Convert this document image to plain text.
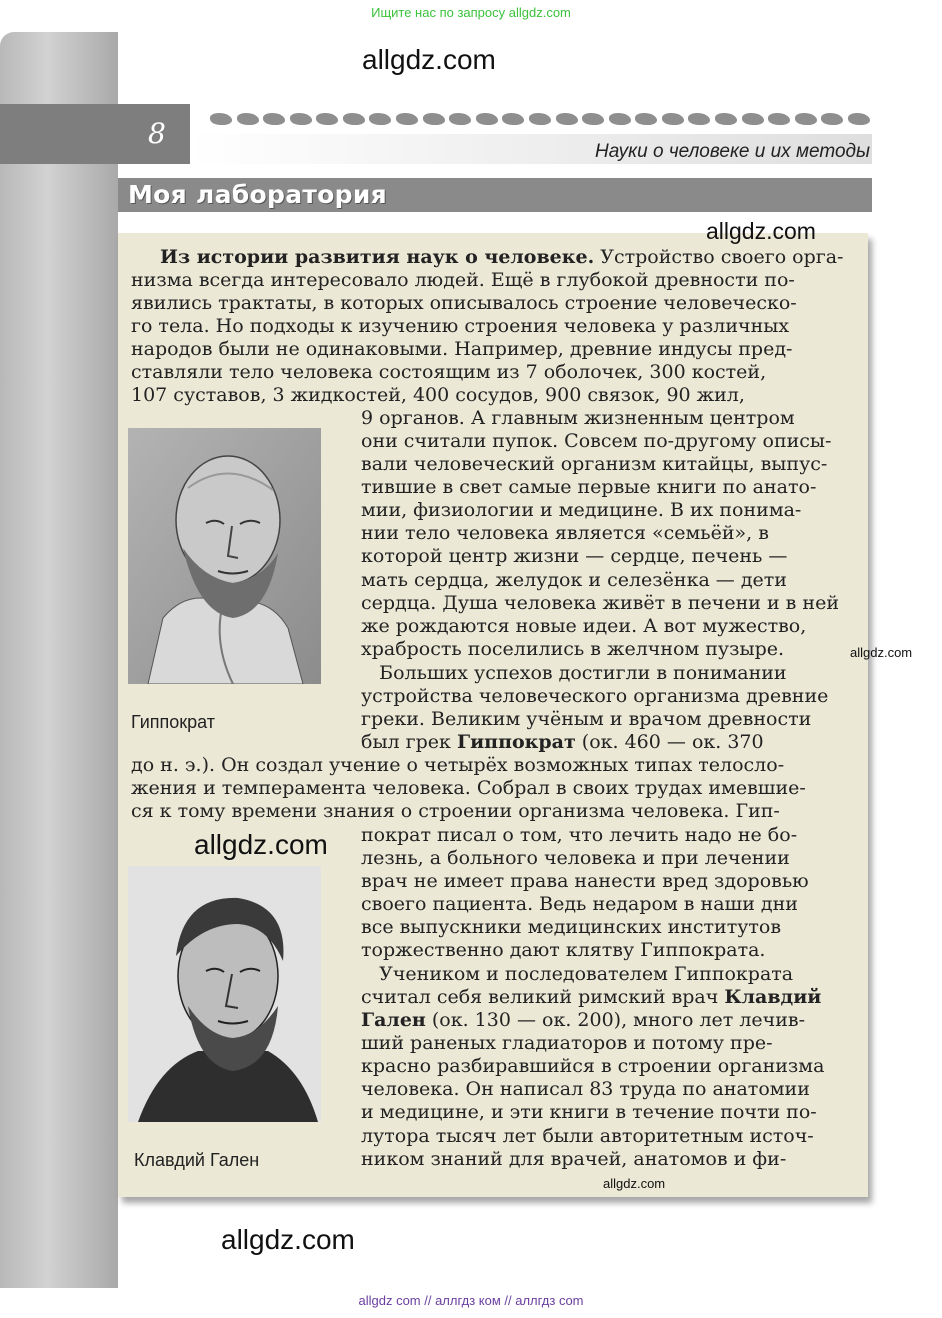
Ищите нас по запросу allgdz.com
8
Науки о человеке и их методы
allgdz.com
Моя лаборатория
allgdz.com
Из истории развития наук о человеке. Устройство своего орга-
низма всегда интересовало людей. Ещё в глубокой древности по-
явились трактаты, в которых описывалось строение человеческо-
го тела. Но подходы к изучению строения человека у различных
народов были не одинаковыми. Например, древние индусы пред-
ставляли тело человека состоящим из 7 оболочек, 300 костей,
107 суставов, 3 жидкостей, 400 сосудов, 900 связок, 90 жил,
9 органов. А главным жизненным центром
они считали пупок. Совсем по-другому описы-
вали человеческий организм китайцы, выпус-
тившие в свет самые первые книги по анато-
мии, физиологии и медицине. В их понима-
нии тело человека является «семьёй», в
которой центр жизни — сердце, печень —
мать сердца, желудок и селезёнка — дети
сердца. Душа человека живёт в печени и в ней
же рождаются новые идеи. А вот мужество,
храбрость поселились в желчном пузыре.
Больших успехов достигли в понимании
устройства человеческого организма древние
греки. Великим учёным и врачом древности
был грек Гиппократ (ок. 460 — ок. 370
до н. э.). Он создал учение о четырёх возможных типах телосло-
жения и темперамента человека. Собрал в своих трудах имевшие-
ся к тому времени знания о строении организма человека. Гип-
пократ писал о том, что лечить надо не бо-
лезнь, а больного человека и при лечении
врач не имеет права нанести вред здоровью
своего пациента. Ведь недаром в наши дни
все выпускники медицинских институтов
торжественно дают клятву Гиппократа.
Учеником и последователем Гиппократа
считал себя великий римский врач Клавдий
Гален (ок. 130 — ок. 200), много лет лечив-
ший раненых гладиаторов и потому пре-
красно разбиравшийся в строении организма
человека. Он написал 83 труда по анатомии
и медицине, и эти книги в течение почти по-
лутора тысяч лет были авторитетным источ-
ником знаний для врачей, анатомов и фи-
Гиппократ
allgdz.com
Клавдий Гален
allgdz.com
allgdz.com
allgdz.com
allgdz com // аллгдз ком // аллгдз com
